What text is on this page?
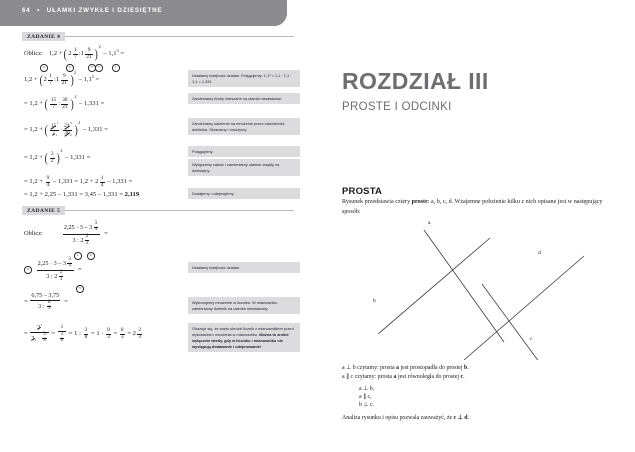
64 • UŁAMKI ZWYKŁE I DZIESIĘTNE
ZADANIE 4
Oblicz: 1,2 + ( $2 \frac{1}{7}$ : $1 \frac{9}{21}$ ) 2
– 1,1 3 =
4	2	3	5	1
1,2 + ( $2 \frac{1}{7}$ : $1 \frac{9}{21}$ ) 2
– 1,1 3 =
= 1,2 + ( $\frac{15}{7}$ : $\frac{30}{21}$ ) 2
– 1,331 =
= 1,2 + ( $\frac{15^1}{7_1} \cdot \frac{21^3}{30_2}$ ) 2
– 1,331 =
= 1,2 + ( $\frac{3}{2}$ ) 2
– 1,331 =
= $1,2 + \frac{9}{4} - 1,331 = 1,2 + 2 \frac{1}{4} - 1,331$ =
= 1,2 + 2,25 – 1,331 = 3,45 – 1,331 = 2,119
Ustalamy kolejność działań. Potęgujemy: 1,1³ = 1,1 · 1,1 · 1,1 = 1,331
Zamieniamy liczby mieszane na ułamki niewłaściwe.
Zamieniamy dzielenie na mnożenie przez odwrotność dzielnika. Skracamy i mnożymy.
Potęgujemy.
Wyłączamy całość i zamieniamy ułamek zwykły na dziesiętny.
Dodajemy i odejmujemy.
ZADANIE 5
Oblicz:
$2,25 \cdot 3 - 3 \frac{3}{4}$
3 : $2 \frac{2}{3}$
=
1	2
4
$2,25 \cdot 3 - 3 \frac{3}{4}$
3 : $2 \frac{2}{3}$
=
3
=
6,75 – 3,75
3 : $\frac{8}{3}$ =
=
$3^1$
3 $1 \cdot \frac{3}{8} = \frac{1}{\frac{3}{8}} = 1$ : $\frac{3}{8} = 1 \cdot \frac{8}{3} = \frac{8}{3} = 2 \frac{2}{3}$
Ustalamy kolejność działań.
Wykonujemy mnożenie w liczniku. W mianowniku zamieniamy dzielnik na ułamek niewłaściwy.
Okazuje się, że warto skrócić licznik z mianownikiem przed wykonaniem mnożenia w mianowniku. Można to zrobić wyłącznie wtedy, gdy w liczniku i mianowniku nie występują dodawanie i odejmowanie!
ROZDZIAŁ III
PROSTE I ODCINKI
PROSTA
Rysunek przedstawia cztery proste: a, b, c, d. Wzajemne położenie kilku z nich opisane jest w następujący sposób:
a
b
c
d
a ⊥ b czytamy: prosta a jest prostopadła do prostej b.
a ∥ c czytamy: prosta a jest równoległa do prostej c.
a ⊥ b,
a ∥ c,
b ⊥ c.
Analiza rysunku i opisu pozwala zauważyć, że c ⊥ d.
